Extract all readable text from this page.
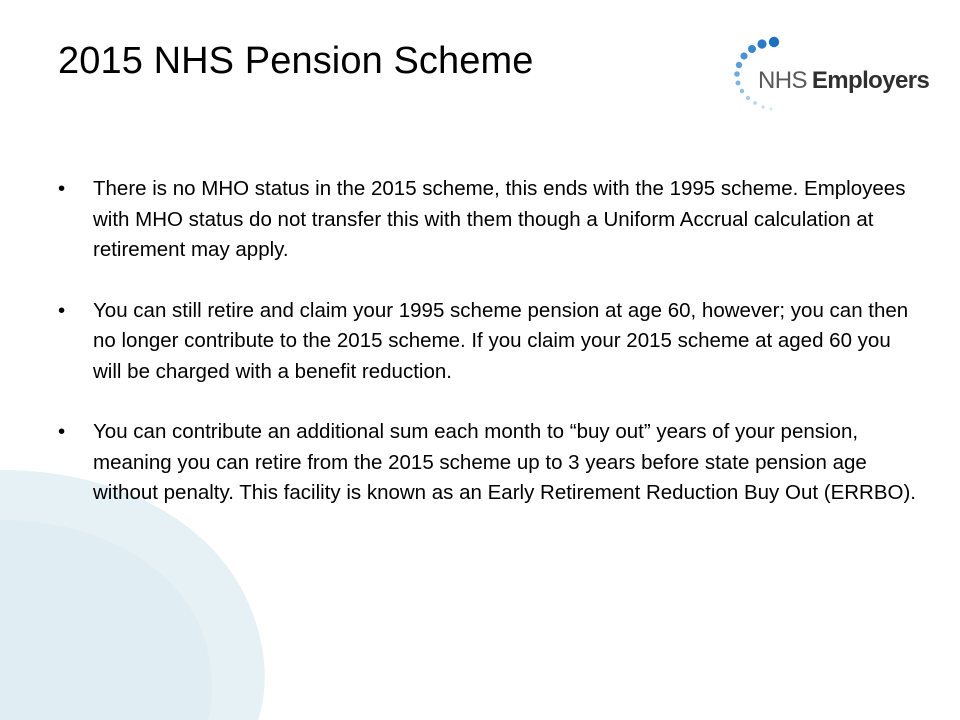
2015 NHS Pension Scheme	NHS Employers
•	There is no MHO status in the 2015 scheme, this ends with the 1995 scheme. Employees with MHO status do not transfer this with them though a Uniform Accrual calculation at retirement may apply.
•	You can still retire and claim your 1995 scheme pension at age 60, however; you can then no longer contribute to the 2015 scheme. If you claim your 2015 scheme at aged 60 you will be charged with a benefit reduction.
•	You can contribute an additional sum each month to “buy out” years of your pension, meaning you can retire from the 2015 scheme up to 3 years before state pension age without penalty. This facility is known as an Early Retirement Reduction Buy Out (ERRBO).
